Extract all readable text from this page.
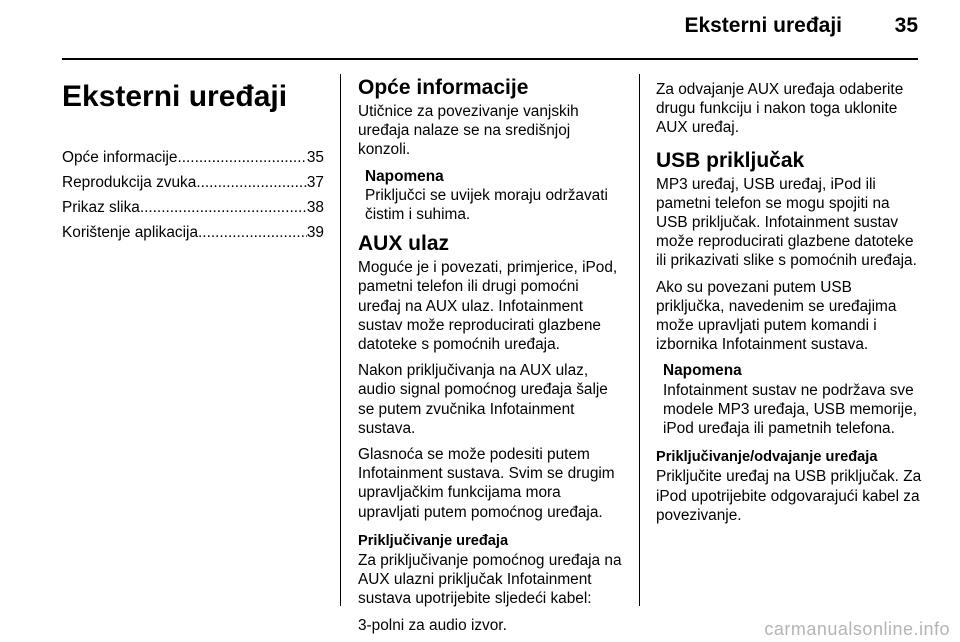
Eksterni uređaji	35
Eksterni uređaji
Opće informacije .....	35
Reprodukcija zvuka .....	37
Prikaz slika .....	38
Korištenje aplikacija .....	39
Opće informacije

Utičnice za povezivanje vanjskih uređaja nalaze se na središnjoj konzoli.

Napomena
Priključci se uvijek moraju održavati čistim i suhima.
AUX ulaz

Moguće je i povezati, primjerice, iPod, pametni telefon ili drugi pomoćni uređaj na AUX ulaz. Infotainment sustav može reproducirati glazbene datoteke s pomoćnih uređaja.

Nakon priključivanja na AUX ulaz, audio signal pomoćnog uređaja šalje se putem zvučnika Infotainment sustava.

Glasnoća se može podesiti putem Infotainment sustava. Svim se drugim upravljačkim funkcijama mora upravljati putem pomoćnog uređaja.

Priključivanje uređaja

Za priključivanje pomoćnog uređaja na AUX ulazni priključak Infotainment sustava upotrijebite sljedeći kabel:

3-polni za audio izvor.

Za odvajanje AUX uređaja odaberite drugu funkciju i nakon toga uklonite AUX uređaj.

USB priključak

MP3 uređaj, USB uređaj, iPod ili pametni telefon se mogu spojiti na USB priključak. Infotainment sustav može reproducirati glazbene datoteke ili prikazivati slike s pomoćnih uređaja.

Ako su povezani putem USB priključka, navedenim se uređajima može upravljati putem komandi i izbornika Infotainment sustava.

Napomena
Infotainment sustav ne podržava sve modele MP3 uređaja, USB memorije, iPod uređaja ili pametnih telefona.
Priključivanje/odvajanje uređaja

Priključite uređaj na USB priključak. Za iPod upotrijebite odgovarajući kabel za povezivanje.

carmanualsonline.info
